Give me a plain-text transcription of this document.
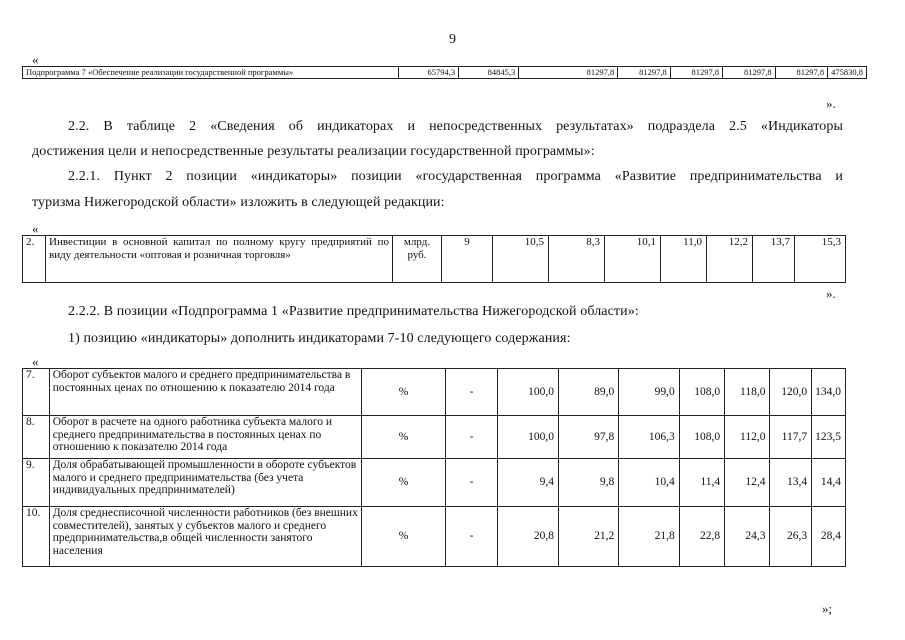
9
«
Подпрограмма 7 «Обеспечение реализации государственной программы»	65794,3	84845,3	81297,8	81297,8	81297,8	81297,8	81297,8	475830,8
».
2.2. В таблице 2 «Сведения об индикаторах и непосредственных результатах» подраздела 2.5 «Индикаторы
достижения цели и непосредственные результаты реализации государственной программы»:
2.2.1. Пункт 2 позиции «индикаторы» позиции «государственная программа «Развитие предпринимательства и
туризма Нижегородской области» изложить в следующей редакции:
«
2.	Инвестиции в основной капитал по полному кругу предприятий по виду деятельности «оптовая и розничная торговля»	млрд. руб.	9	10,5	8,3	10,1	11,0	12,2	13,7	15,3
».
2.2.2. В позиции «Подпрограмма 1 «Развитие предпринимательства Нижегородской области»:
1) позицию «индикаторы» дополнить индикаторами 7-10 следующего содержания:
«
7.	Оборот субъектов малого и среднего предпринимательства в постоянных ценах по отношению к показателю 2014 года	%	-	100,0	89,0	99,0	108,0	118,0	120,0	134,0
8.	Оборот в расчете на одного работника субъекта малого и среднего предпринимательства в постоянных ценах по отношению к показателю 2014 года	%	-	100,0	97,8	106,3	108,0	112,0	117,7	123,5
9.	Доля обрабатывающей промышленности в обороте субъектов малого и среднего предпринимательства (без учета индивидуальных предпринимателей)	%	-	9,4	9,8	10,4	11,4	12,4	13,4	14,4
10.	Доля среднесписочной численности работников (без внешних совместителей), занятых у субъектов малого и среднего предпринимательства,в общей численности занятого населения	%	-	20,8	21,2	21,8	22,8	24,3	26,3	28,4
»;
